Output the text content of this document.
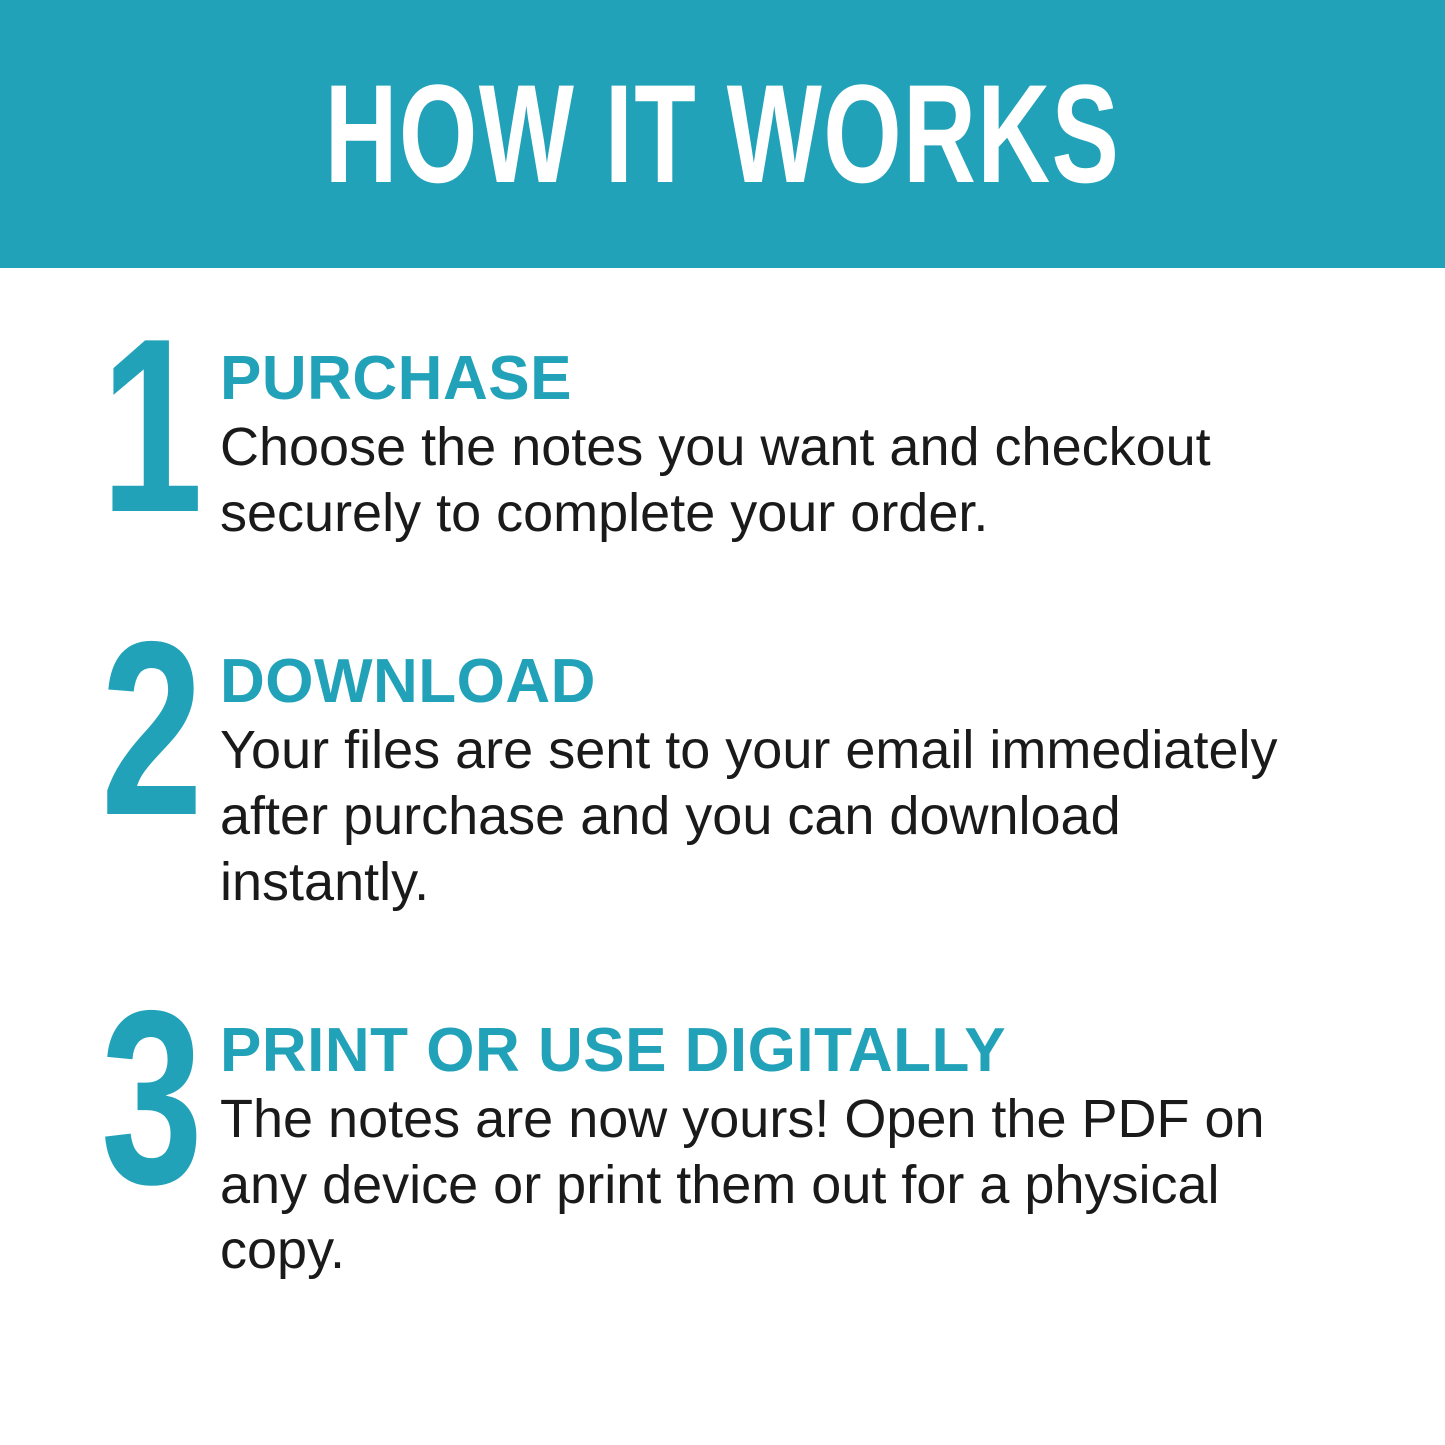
HOW IT WORKS
1 PURCHASE

Choose the notes you want and checkout securely to complete your order.

2 DOWNLOAD

Your files are sent to your email immediately after purchase and you can download instantly.

3 PRINT OR USE DIGITALLY

The notes are now yours! Open the PDF on any device or print them out for a physical copy.
